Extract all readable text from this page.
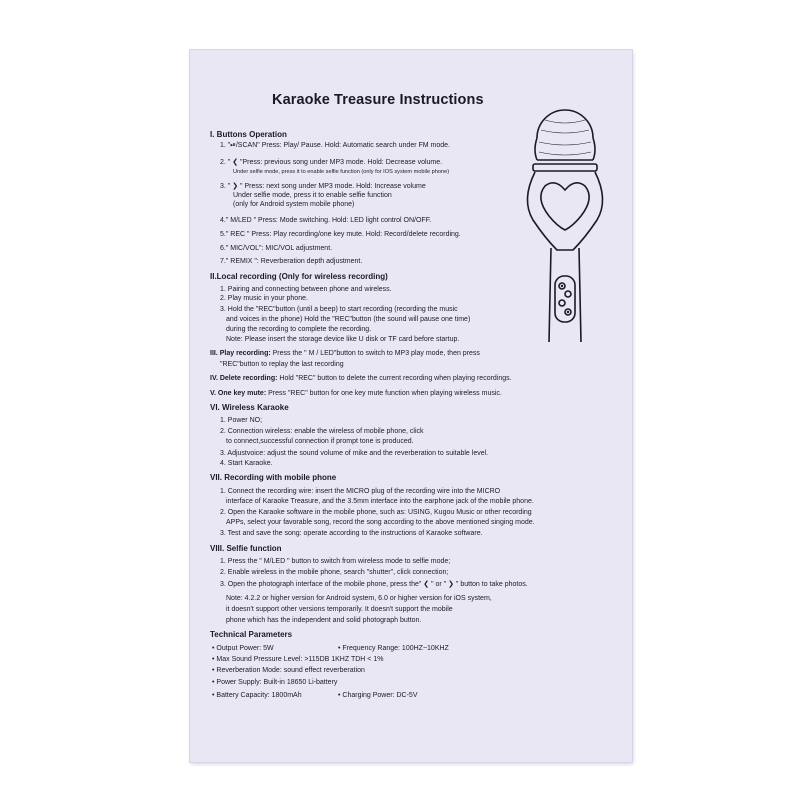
Karaoke Treasure Instructions
I. Buttons Operation
1. "⏯/SCAN" Press: Play/ Pause. Hold: Automatic search under FM mode.
2. " ❮ "Press: previous song under MP3 mode. Hold: Decrease volume.
Under selfie mode, press it to enable selfie function (only for IOS system mobile phone)
3. " ❯ " Press: next song under MP3 mode. Hold: Increase volume
Under selfie mode, press it to enable selfie function
(only for Android system mobile phone)
4." M/LED " Press: Mode switching. Hold: LED light control ON/OFF.
5." REC " Press: Play recording/one key mute. Hold: Record/delete recording.
6." MIC/VOL": MIC/VOL adjustment.
7." REMIX ": Reverberation depth adjustment.
II.Local recording (Only for wireless recording)
1. Pairing and connecting between phone and wireless.
2. Play music in your phone.
3. Hold the "REC"button (until a beep) to start recording (recording the music
and voices in the phone) Hold the "REC"button (the sound will pause one time)
during the recording to complete the recording.
Note: Please insert the storage device like U disk or TF card before startup.
III. Play recording: Press the " M / LED"button to switch to MP3 play mode, then press
"REC"button to replay the last recording
IV. Delete recording: Hold "REC" button to delete the current recording when playing recordings.
V. One key mute: Press "REC" button for one key mute function when playing wireless music.
VI. Wireless Karaoke
1. Power NO;
2. Connection wireless: enable the wireless of mobile phone, click
to connect,successful connection if prompt tone is produced.
3. Adjustvoice: adjust the sound volume of mike and the reverberation to suitable level.
4. Start Karaoke.
VII. Recording with mobile phone
1. Connect the recording wire: insert the MICRO plug of the recording wire into the MICRO
interface of Karaoke Treasure, and the 3.5mm interface into the earphone jack of the mobile phone.
2. Open the Karaoke software in the mobile phone, such as: USING, Kugou Music or other recording
APPs, select your favorable song, record the song according to the above mentioned singing mode.
3. Test and save the song: operate according to the instructions of Karaoke software.
VIII. Selfie function
1. Press the " M/LED " button to switch from wireless mode to selfie mode;
2. Enable wireless in the mobile phone, search "shutter", click connection;
3. Open the photograph interface of the mobile phone, press the" ❮ " or " ❯ " button to take photos.
Note: 4.2.2 or higher version for Android system, 6.0 or higher version for iOS system,
it doesn't support other versions temporarily. It doesn't support the mobile
phone which has the independent and solid photograph button.
Technical Parameters
• Output Power: 5W	• Frequency Range: 100HZ~10KHZ
• Max Sound Pressure Level: >115DB 1KHZ TDH < 1%
• Reverberation Mode: sound effect reverberation
• Power Supply: Built-in 18650 Li-battery
• Battery Capacity: 1800mAh	• Charging Power: DC-5V
